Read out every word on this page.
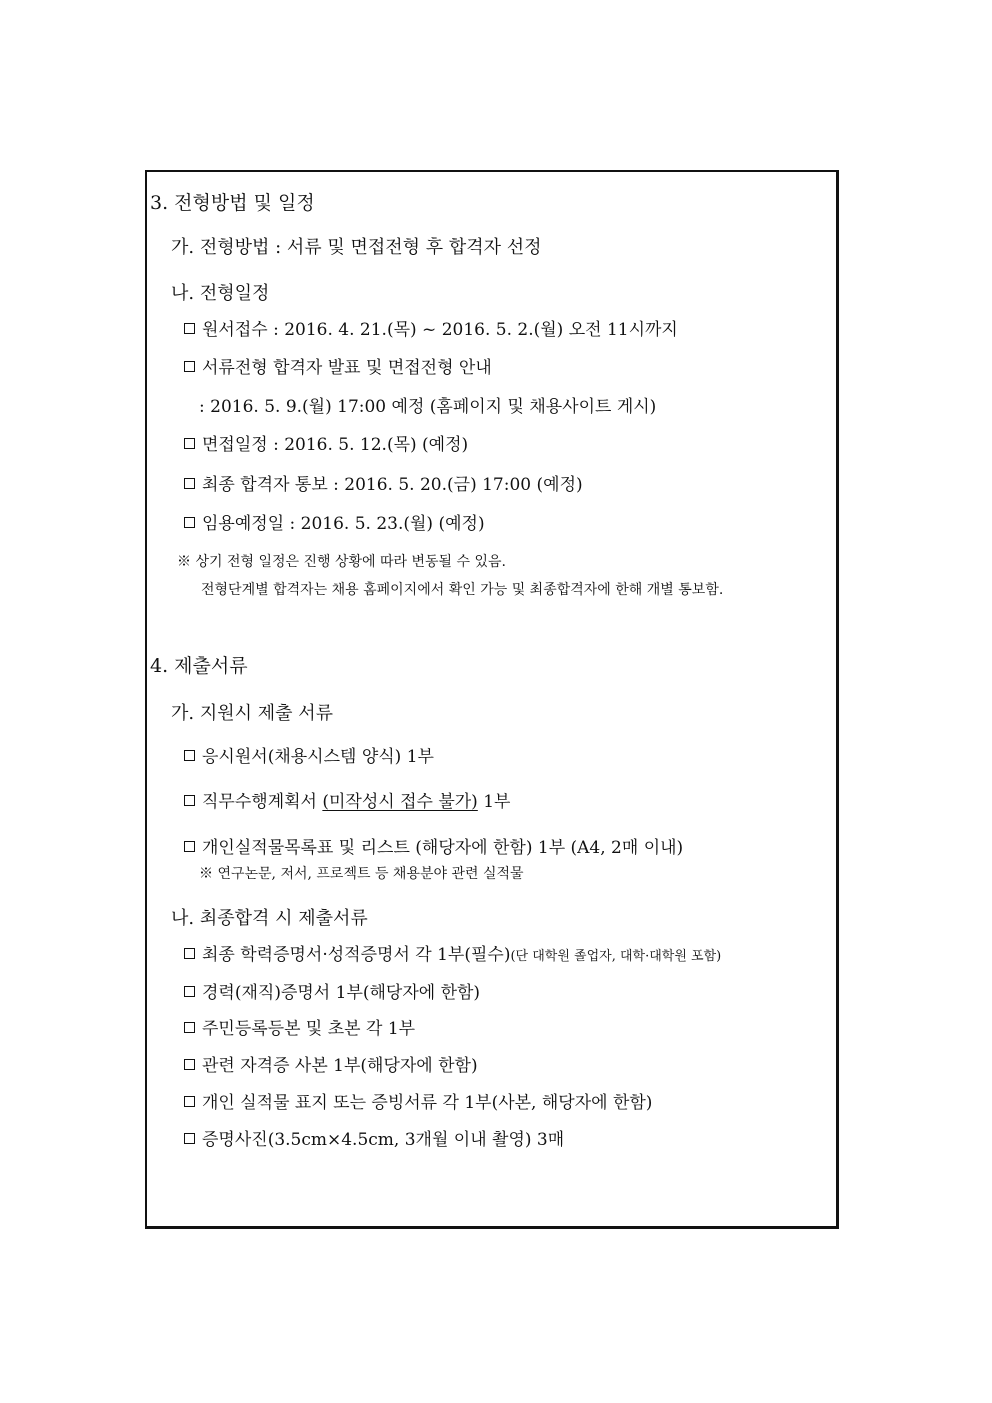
3. 전형방법 및 일정
가. 전형방법 : 서류 및 면접전형 후 합격자 선정
나. 전형일정
원서접수 : 2016. 4. 21.(목) ~ 2016. 5. 2.(월) 오전 11시까지
서류전형 합격자 발표 및 면접전형 안내
: 2016. 5. 9.(월) 17:00 예정 (홈페이지 및 채용사이트 게시)
면접일정 : 2016. 5. 12.(목) (예정)
최종 합격자 통보 : 2016. 5. 20.(금) 17:00 (예정)
임용예정일 : 2016. 5. 23.(월) (예정)
※ 상기 전형 일정은 진행 상황에 따라 변동될 수 있음.
전형단계별 합격자는 채용 홈페이지에서 확인 가능 및 최종합격자에 한해 개별 통보함.
4. 제출서류
가. 지원시 제출 서류
응시원서(채용시스템 양식) 1부
직무수행계획서 (미작성시 접수 불가) 1부
개인실적물목록표 및 리스트 (해당자에 한함) 1부 (A4, 2매 이내)
※ 연구논문, 저서, 프로젝트 등 채용분야 관련 실적물
나. 최종합격 시 제출서류
최종 학력증명서·성적증명서 각 1부(필수)(단 대학원 졸업자, 대학·대학원 포함)
경력(재직)증명서 1부(해당자에 한함)
주민등록등본 및 초본 각 1부
관련 자격증 사본 1부(해당자에 한함)
개인 실적물 표지 또는 증빙서류 각 1부(사본, 해당자에 한함)
증명사진(3.5cm×4.5cm, 3개월 이내 촬영) 3매
